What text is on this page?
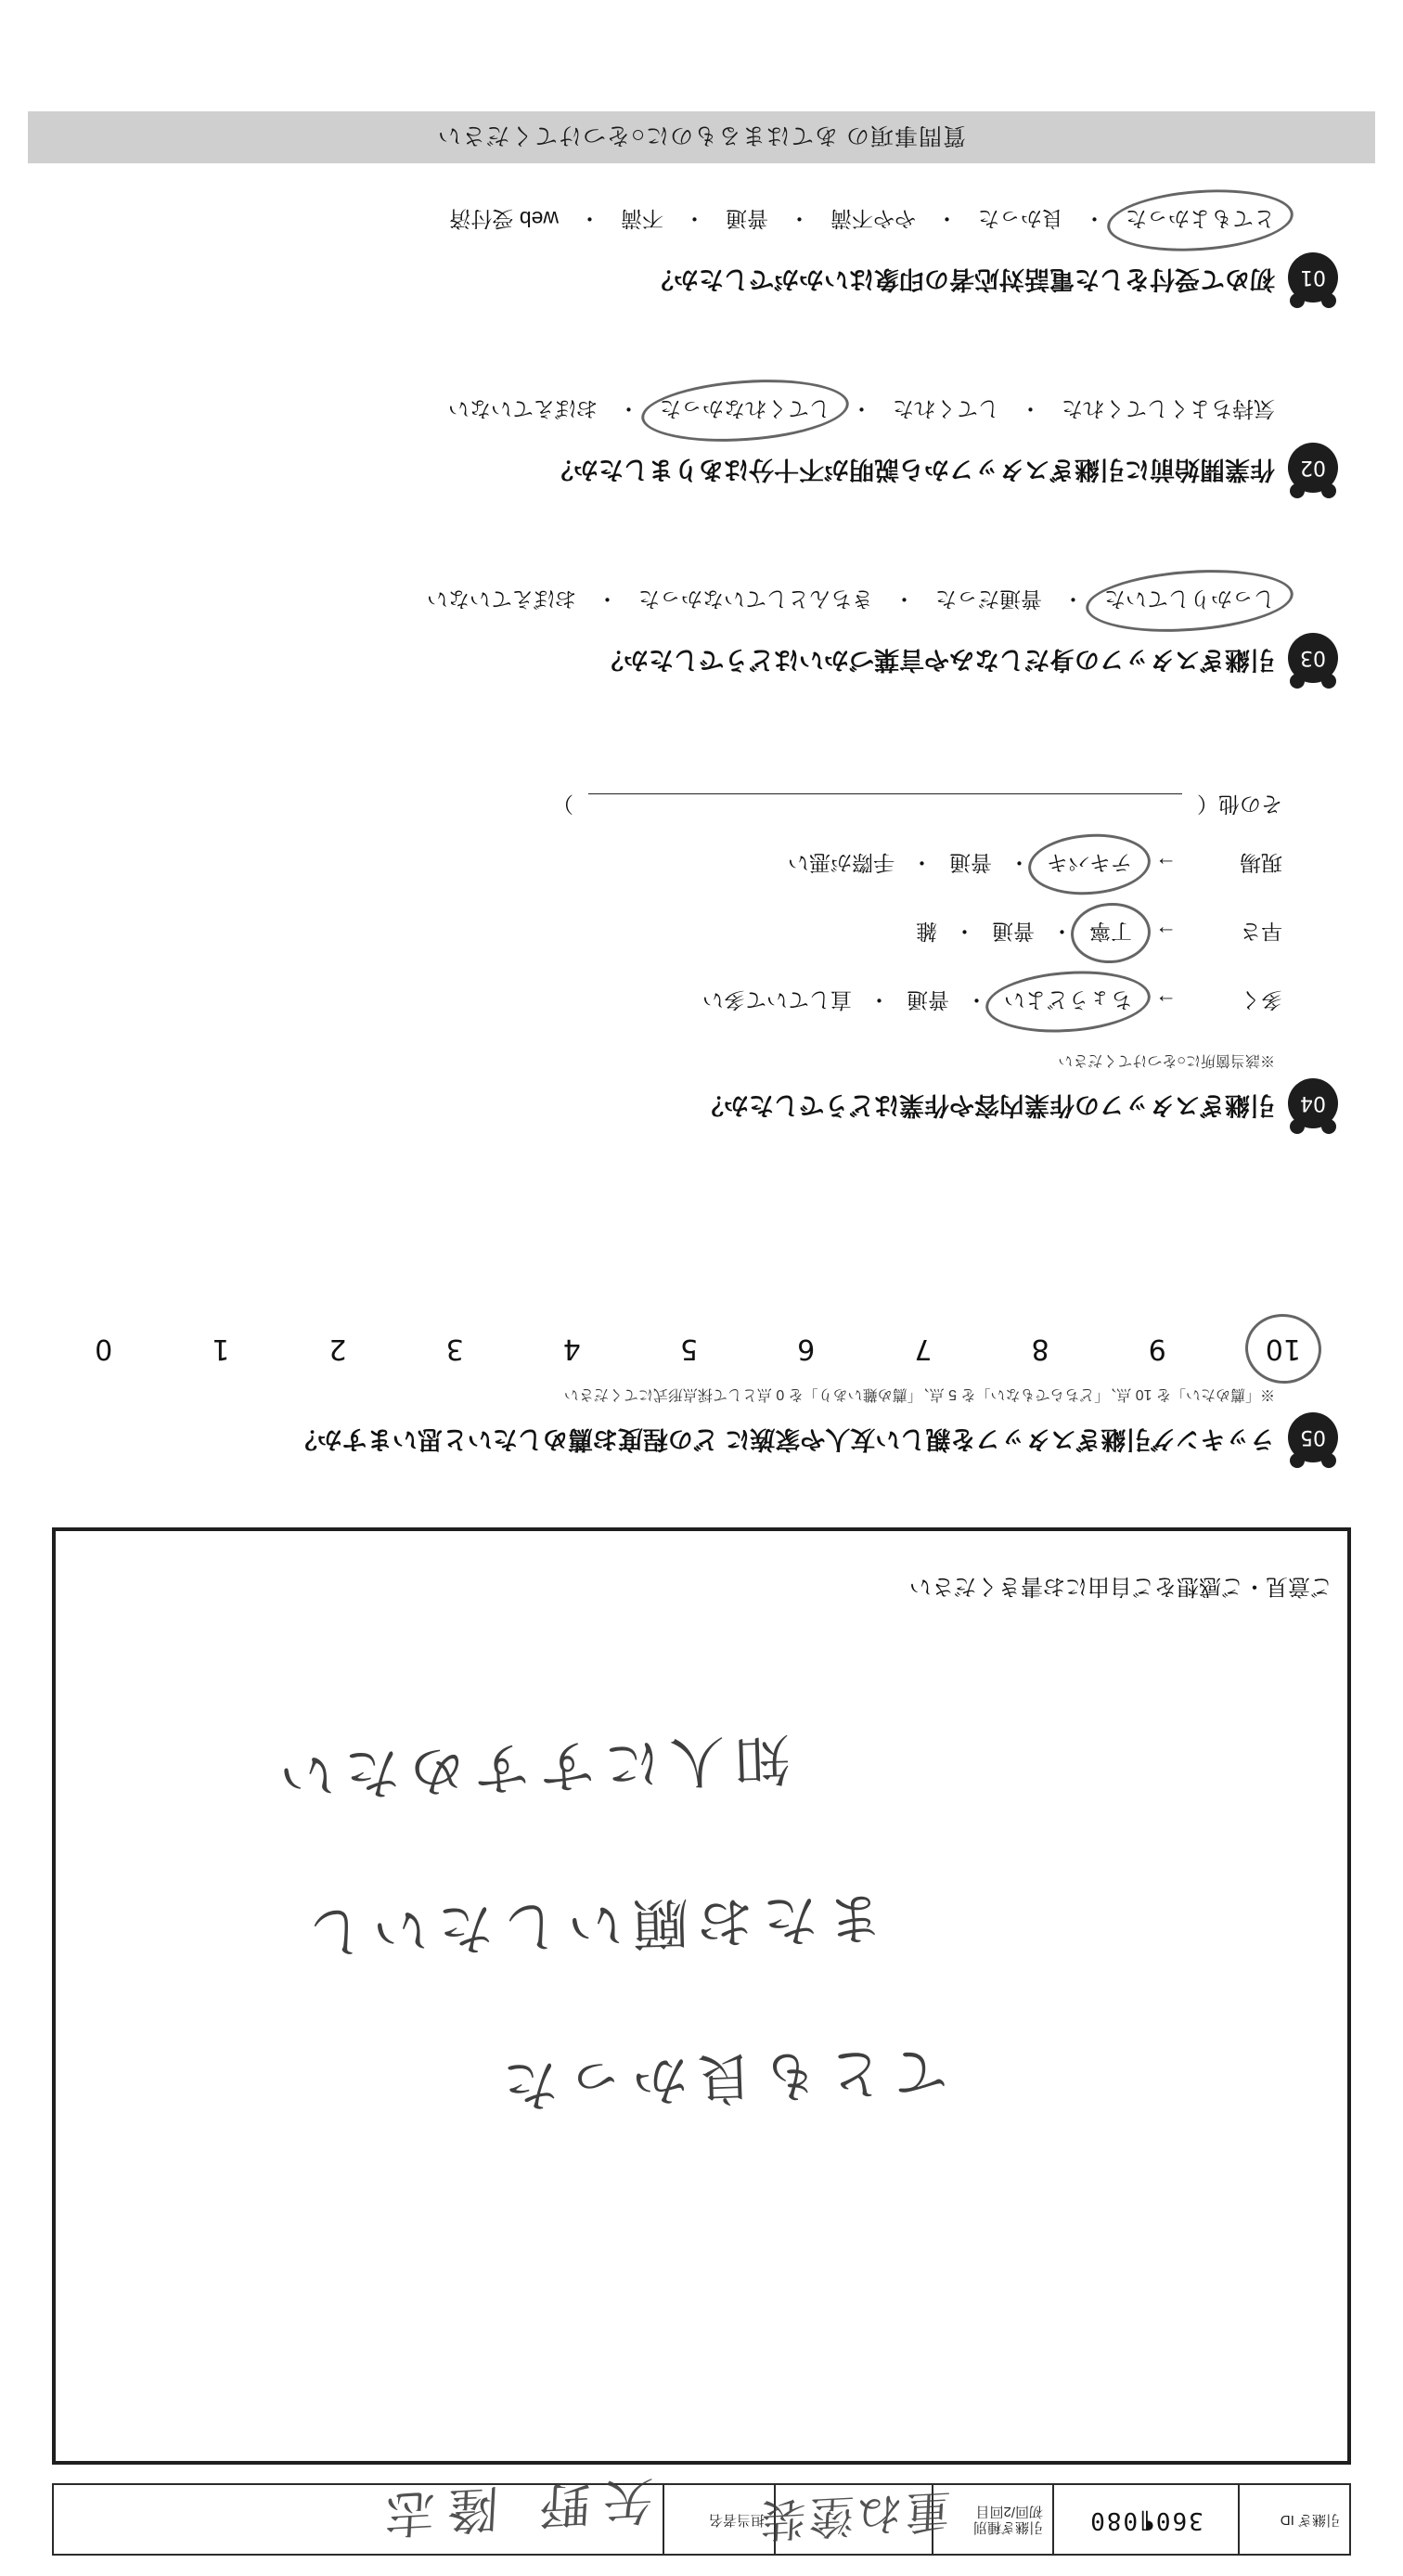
引継ぎ ID
360¶080
引継ぎ種別
初回/2回目
重ね塗装
担当者名
矢野 隆志
てとも良かった
またお願いしたいし
知人にすすめたい
ご意見・ご感想をご自由にお書きください
05
ラッキング引継ぎスタッフを親しい友人や家族に どの程度お薦めしたいと思いますか？
※「薦めたい」を 10 点、「どちらでもない」を 5 点、「薦め難いあり」を 0 点として採点形式にてください
10
9
8
7
6
5
4
3
2
1
0
04
引継ぎスタッフの作業内容や作業はどうでしたか？
※該当箇所に○をつけてください
多く
→
ちょうどよい
・
普通
・
直していて多い
早さ
→
丁寧
・
普通
・
雑
現場
→
テキパキ
・
普通
・
手際が悪い
その他（
）
03
引継ぎスタッフの身だしなみや言葉づかいはどうでしたか？
しっかりしていた
・
普通だった
・
きちんとしていなかった
・
おぼえていない
02
作業開始前に引継ぎスタッフから説明が不十分はありましたか？
気持ちよくしてくれた
・
してくれた
・
してくれなかった
・
おぼえていない
01
初めて受付をした電話対応者の印象はいかがでしたか？
とてもよかった
・
良かった
・
やや不満
・
普通
・
不満
・
web 受付済
質問事項の あてはまるものに○をつけてください
